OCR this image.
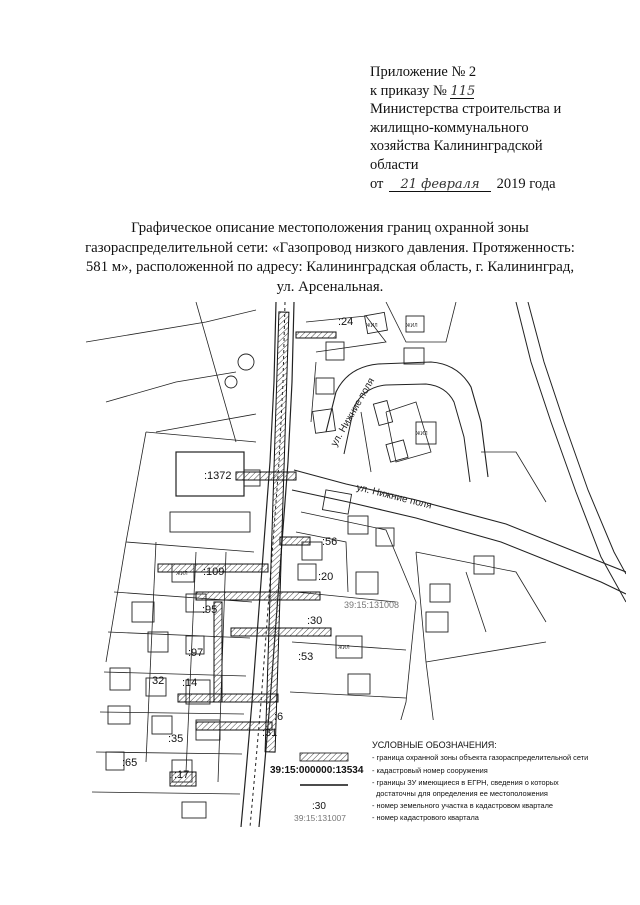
Приложение № 2
к приказу № 115
Министерства строительства и
жилищно-коммунального
хозяйства Калининградской
области
от 21 февраля 2019 года
Графическое описание местоположения границ охранной зоны
газораспределительной сети: «Газопровод низкого давления. Протяженность:
581 м», расположенной по адресу: Калининградская область, г. Калининград,
ул. Арсенальная.
ул. Нижние поля
ул. Нижние поля
:24
:1372
:56
:20
:109
:95
:30
:97	:53
:14
32
:6
:35	:31
:65
:17
39:15:131008
ЖИЛ	ЖИЛ
ЖИЛ
ЖИЛ
ЖИЛ
УСЛОВНЫЕ ОБОЗНАЧЕНИЯ:
- граница охранной зоны объекта газораспределительной сети
39:15:000000:13534 - кадастровый номер сооружения
- границы ЗУ имеющиеся в ЕГРН, сведения о которых
достаточны для определения ее местоположения
:30	- номер земельного участка в кадастровом квартале
39:15:131007	- номер кадастрового квартала
